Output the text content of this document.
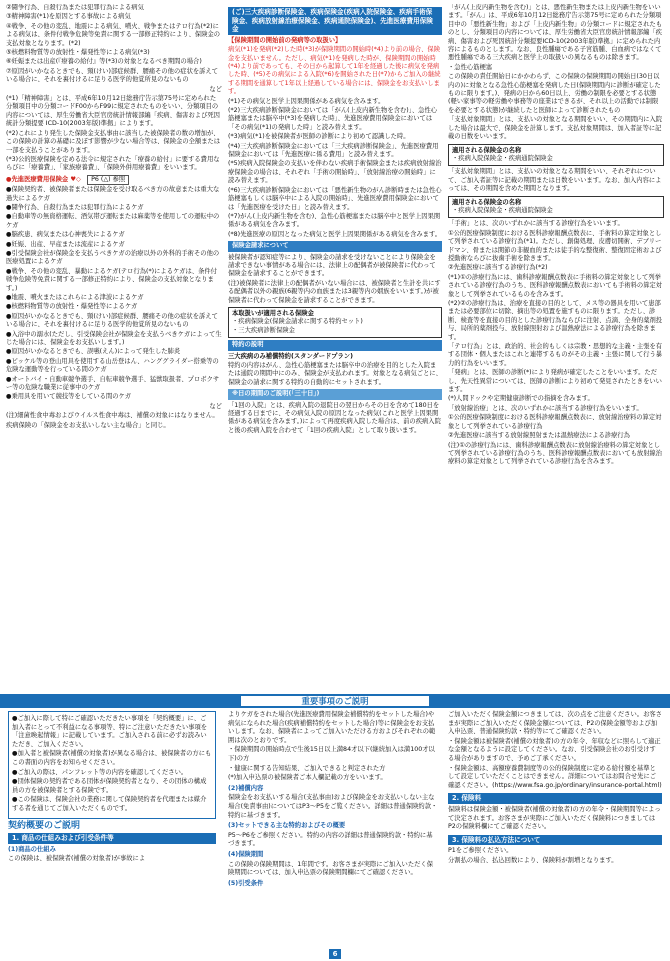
②闘争行為、自殺行為または犯罪行為による病気
③精神障害(*1)を原因とする事故による病気
④戦争、その他の変乱、地震による病気、噴火、戦争またはテロ行為(*2)による病気は、条件付戦争危険等免責に関する一部修正特約により、保険金の支払対象となります。(*2)
⑤核燃料物質等の放射性・爆発性等による病気(*3)
⑥妊娠または出産(『療養の給付』等(*3)の対象となるべき期間の場合)
⑦原因がいかなるときでも、頸(けい)部症候群、腰痛その他の症状を訴えている場合に、それを裏付けるに足りる医学的他覚所見のないもの
など
(*1)「精神障害」とは、平成6年10月12日総務庁告示第75号に定められた分類項目中の分類コードF00からF99に規定されたものをいい、分類項目の内容については、厚生労働省大臣官房統計情報部編「疾病、傷害および死因統計分類提要 ICD-10(2003年版)準拠」によります。
(*2)これにより発生した保険金支払事由に該当した被保険者の数の増加が、この保険の計算の基礎に及ぼす影響が少ない場合等は、保険金の全額または一部を支払うことがあります。
(*3)公的医療保険を定める法令に規定された「療養の給付」に要する費用ならびに「療養費」、「家族療養費」、「保険外併用療養費」をいいます。
●先進医療費用保険金 ♥◇ P6 (△) 参照
●保険契約者、被保険者または保険金を受け取るべき方の故意または重大な過失によるケガ
●闘争行為、自殺行為または犯罪行為によるケガ
●自動車等の無資格運転、酒気帯び運転または麻薬等を使用しての運転中のケガ
●脳疾患、病気または心神喪失によるケガ
●妊娠、出産、早産または流産によるケガ
●引受保険会社が保険金を支払うべきケガの治療以外の外科的手術その他の医療処置によるケガ
●戦争、その他の変乱、暴動によるケガ(テロ行為(*)によるケガは、条件付戦争危険等免責に関する一部修正特約により、保険金の支払対象となります。)
●地震、噴火またはこれらによる津波によるケガ
●核燃料物質等の放射性・爆発性等によるケガ
●原因がいかなるときでも、頸(けい)部症候群、腰痛その他の症状を訴えている場合に、それを裏付けるに足りる医学的他覚所見のないもの
●入浴中の溺水(ただし、引受保険会社が保険金を支払うべきケガによって生じた場合には、保険金をお支払いします。)
●原因がいかなるときでも、誤嚥(えん)によって発生した肺炎
●ピッケル等の登山用具を使用する山岳登はん、ハンググライダー搭乗等の危険な運動等を行っている間のケガ
●オートバイ・自動車競争選手、自転車競争選手、猛獣取扱者、プロボクサー等の危険な職業に従事中のケガ
●乗用具を用いて競技等をしている間のケガ
など
(注)細菌性食中毒およびウイルス性食中毒は、補償の対象にはなりません。
疾病保険の「保険金をお支払いしない主な場合」と同じ。
(ご)三大疾病診断保険金、疾病保険金(疾病入院保険金、疾病手術保険金、疾病放射線治療保険金、疾病通院保険金)、先進医療費用保険金
【保険期間の開始前の発病等の取扱い】
病気(*1)を発病(*2)した時(*3)が保険期間の開始時(*4)より前の場合、保険金を支払いません。ただし、病気(*1)を発病した時が、保険期間の開始時(*4)より前であっても、その日から起算して1年を経過した後に病気を発病した時、(*5)その病気による入院(*6)を開始された日(*7)からご加入の継続する期間を通算して1年以上経過している場合には、保険金をお支払いします。
(*1)その病気と医学上因果関係がある病気を含みます。
(*2)三大疾病診断保険金においては「がん(上皮内新生物を含む)」、急性心筋梗塞または脳卒中(*3)を発病した時」、先進医療費用保険金においては「その病気(*1)の発病した時」と読み替えます。
(*3)病気(*1)を被保険者が医師の診断により初めて認識した時。
(*4)三大疾病診断保険金においては「三大疾病診断保険金」、先進医療費用保険金においては「先進医療に係る費用」と読み替えます。
(*5)疾病入院保険金の支払いを伴わない疾病手術保険金または疾病放射線治療保険金の場合は、それぞれ「手術の開始時」、「放射線治療の開始時」に読み替えます。
(*6)三大疾病診断保険金においては「悪性新生物のがん診断時または急性心筋梗塞もしくは脳卒中による入院の開始時」、先進医療費用保険金においては「先進医療を受けた日」と読み替えます。
(*7)がん(上皮内新生物を含む)、急性心筋梗塞または脳卒中と医学上因果関係がある病気を含みます。
(*8)先進医療の原因となった病気と医学上因果関係がある病気を含みます。
保険金請求について
被保険者が認知症等により、保険金の請求を受けないことにより保険金を請求できない事情がある場合には、法律上の配偶者が被保険者に代わって保険金を請求することができます。
(注)被保険者に法律上の配偶者がいない場合には、被保険者と生計を共にする配偶者以外の親族(6親等内の血族または3親等内の姻族をいいます。)が被保険者に代わって保険金を請求することができます。
本取扱いが適用される保険金
・疾病保険金(保険金請求に関する特約セット)
・三大疾病診断保険金
特約の説明
三大疾病のみ補償特約(スタンダードプラン)
特約の内容はがん、急性心筋梗塞または脳卒中の治療を目的とした入院または通院の期間中にのみ、保険金が支払われます。対象となる病気ごとに、保険金の請求に関する特約の自動的にセットされます。
※日の期間のご説明(「三十日」)
「1回の入院」とは、疾病入院の退院日の翌日からその日を含めて180日を経過する日までに、その病気入院の原因となった病気(これと医学上因果関係がある病気を含みます。)によって再度疾病入院した場合は、前の疾病入院と後の疾病入院を合わせて「1回の疾病入院」として取り扱います。
「がん(上皮内新生物を含む)」とは、悪性新生物または上皮内新生物をいいます。「がん」は、平成6年10月12日総務庁告示第75号に定められた分類項目中の「悪性新生物」および「上皮内新生物」の分類コードに規定されたものとし、分類項目の内容については、厚生労働省大臣官房統計情報部編「疾病、傷害および死因統計分類提要ICD-10(2003年版)準拠」に定められた内容によるものとします。なお、良性腫瘍である子宮筋腫、白血病ではなくて悪性腫瘍である三大疾病と医学上の取扱いの異なるものは除きます。
・急性心筋梗塞
この保険の責任開始日にかかわらず、この保険の保険期間の開始日(30日以内の)に対象となる急性心筋梗塞を発病した日(保険期間内に診断が確定したものに限ります。)、発病の日から60日以上、労働の制限を必要とする状態(軽い家事等の軽労働や事務等の座業はできるが、それ以上の活動では制限を必要とする状態)が継続したと医師によって診断されたもの
「支払対象期間」とは、支払いの対象となる期間をいい、その期間内に入院した場合は最大で、保険金を計算します。支払対象期間は、加入者証等に記載の日数をいいます。
適用される保険金の名称
・疾病入院保険金・疾病通院保険金
「支払対象期間」とは、支払いの対象となる期間をいい、それぞれについて、ご加入者証等に記載の期間または日数をいいます。なお、加入内容によっては、その期間を含めた期間となります。
適用される保険金の名称
・疾病入院保険金・疾病通院保険金
「手術」とは、次のいずれかに該当する診療行為をいいます。
①公的医療保険制度における医科診療報酬点数表に、手術料の算定対象として列挙されている診療行為(*1)。ただし、創傷処理、皮膚切開術、デブリードマン、骨または関節の非観血的または徒手的な整復術、整復固定術および授動術ならびに抜歯手術を除きます。
②先進医療に該当する診療行為(*2)
(*1)①の診療行為には、歯科診療報酬点数表に手術料の算定対象として列挙されている診療行為のうち、医科診療報酬点数表においても手術料の算定対象として列挙されているものを含みます。
(*2)②の診療行為は、治療を直接の目的として、メス等の器具を用いて患部または必要部位に切除、摘出等の処置を施すものに限ります。ただし、診断、検査等を直接の目的とした診療行為ならびに注射、点滴、全身的薬剤投与、局所的薬剤投与、放射線照射および温熱療法による診療行為を除きます。
「テロ行為」とは、政治的、社会的もしくは宗教・思想的な主義・主張を有する団体・個人またはこれと連帯するものがその主義・主張に関して行う暴力的行為をいいます。
「発病」とは、医師の診断(*)により発病が確定したことをいいます。ただし、先天性異常については、医師の診断により初めて発見されたときをいいます。
(*)人間ドックや定期健康診断での指摘を含みます。
「放射線治療」とは、次のいずれかに該当する診療行為をいいます。
①公的医療保険制度における医科診療報酬点数表に、放射線治療料の算定対象として列挙されている診療行為
②先進医療に該当する放射線照射または温熱療法による診療行為
(注)①の診療行為には、歯科診療報酬点数表に放射線治療料の算定対象として列挙されている診療行為のうち、医科診療報酬点数表においても放射線治療料の算定対象として列挙されている診療行為を含みます。
重要事項のご説明
●ご加入に際して特にご確認いただきたい事項を「契約概要」に、ご加入者にとって不利益になる事項等、特にご注意いただきたい事項を「注意喚起情報」に記載しています。ご加入される前に必ずお読みいただき、ご加入ください。
●加入者と被保険者(補償の対象者)が異なる場合は、被保険者の方にもこの書面の内容をお知らせください。
●ご加入の際は、パンフレット等の内容を確認してください。
●団体保険の契約者である団体が保険契約者となり、その団体の構成員の方を被保険者とする保険です。
●この保険は、保険会社の業務に関して保険契約者を代理または媒介する者を通じてご加入いただくものです。
契約概要のご説明
1. 商品の仕組みおよび引受条件等
(1)商品の仕組み
この保険は、被保険者(補償の対象者)が事故によ
よりケガをされた場合(先進医療費用保険金補償特約をセットした場合)や病気になられた場合(疾病補償特約をセットした場合)等に保険金をお支払いします。なお、保険者によってご加入いただける方およびそれぞれの範囲は次のとおりです。
・保険期間の開始時点で生後15日以上満84才以下(継続加入は満100才以下)の方
・健康に関する告知結果、ご加入できると判定された方
(*)加入申込票の被保険者ご本人欄記載の方をいいます。
(2)補償内容
保険金をお支払いする場合(支払事由)および保険金をお支払いしない主な場合(免責事由)についてはP3～P5をご覧ください。詳細は普通保険約款・特約に基づきます。
(3)セットできる主な特約およびその概要
P5～P6をご参照ください。特約の内容の詳細は普通保険約款・特約に基づきます。
(4)保険期間
この保険の保険期間は、1年間です。お客さまが実際にご加入いただく保険期間については、加入申込票の保険期間欄にてご確認ください。
(5)引受条件
ご加入いただく保険金額につきましては、次の点をご注意ください。お客さまが実際にご加入いただく保険金額については、P2の保険金額等および加入申込票、普通保険約款・特約等にてご確認ください。
・保険金額は被保険者(補償の対象者)の方の年令、年収などに照らして適正な金額となるように設定してください。なお、引受保険会社のお引受けする場合がありますので、予めご了承ください。
・保険金額は、高額療養費制度等の公的保険制度に定める給付額を基準として設定していただくことはできません。詳細についてはお問合せ先にご確認ください。(https://www.fsa.go.jp/ordinary/insurance-portal.html)
2. 保険料
保険料は保険金額・被保険者(補償の対象者)の方の年令・保険期間等によって決定されます。お客さまが実際にご加入いただく保険料につきましてはP2の保険料欄にてご確認ください。
3. 保険料の払込方法について
P1をご参照ください。
分割払の場合、払込回数により、保険料が割増となります。
6
